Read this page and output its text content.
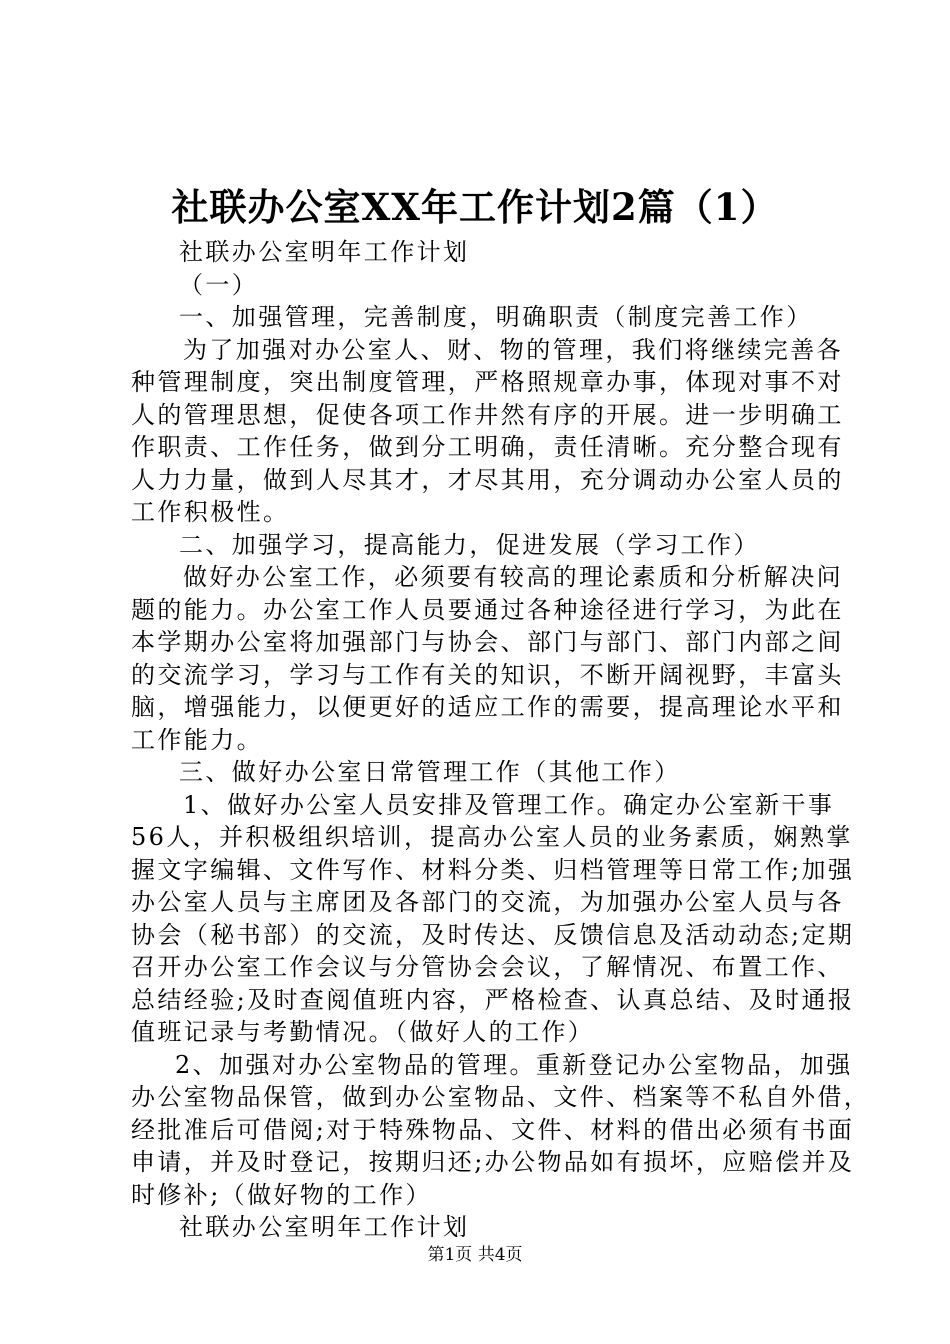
社联办公室XX年工作计划2篇（1）
社联办公室明年工作计划
（一）
一、加强管理，完善制度，明确职责（制度完善工作）
为了加强对办公室人、财、物的管理，我们将继续完善各
种管理制度，突出制度管理，严格照规章办事，体现对事不对
人的管理思想，促使各项工作井然有序的开展。进一步明确工
作职责、工作任务，做到分工明确，责任清晰。充分整合现有
人力力量，做到人尽其才，才尽其用，充分调动办公室人员的
工作积极性。
二、加强学习，提高能力，促进发展（学习工作）
做好办公室工作，必须要有较高的理论素质和分析解决问
题的能力。办公室工作人员要通过各种途径进行学习，为此在
本学期办公室将加强部门与协会、部门与部门、部门内部之间
的交流学习，学习与工作有关的知识，不断开阔视野，丰富头
脑，增强能力，以便更好的适应工作的需要，提高理论水平和
工作能力。
三、做好办公室日常管理工作（其他工作）
1、做好办公室人员安排及管理工作。确定办公室新干事
56人，并积极组织培训，提高办公室人员的业务素质，娴熟掌
握文字编辑、文件写作、材料分类、归档管理等日常工作;加强
办公室人员与主席团及各部门的交流，为加强办公室人员与各
协会（秘书部）的交流，及时传达、反馈信息及活动动态;定期
召开办公室工作会议与分管协会会议，了解情况、布置工作、
总结经验;及时查阅值班内容，严格检查、认真总结、及时通报
值班记录与考勤情况。（做好人的工作）
2、加强对办公室物品的管理。重新登记办公室物品，加强
办公室物品保管，做到办公室物品、文件、档案等不私自外借，
经批准后可借阅;对于特殊物品、文件、材料的借出必须有书面
申请，并及时登记，按期归还;办公物品如有损坏，应赔偿并及
时修补;（做好物的工作）
社联办公室明年工作计划
第1页 共4页
